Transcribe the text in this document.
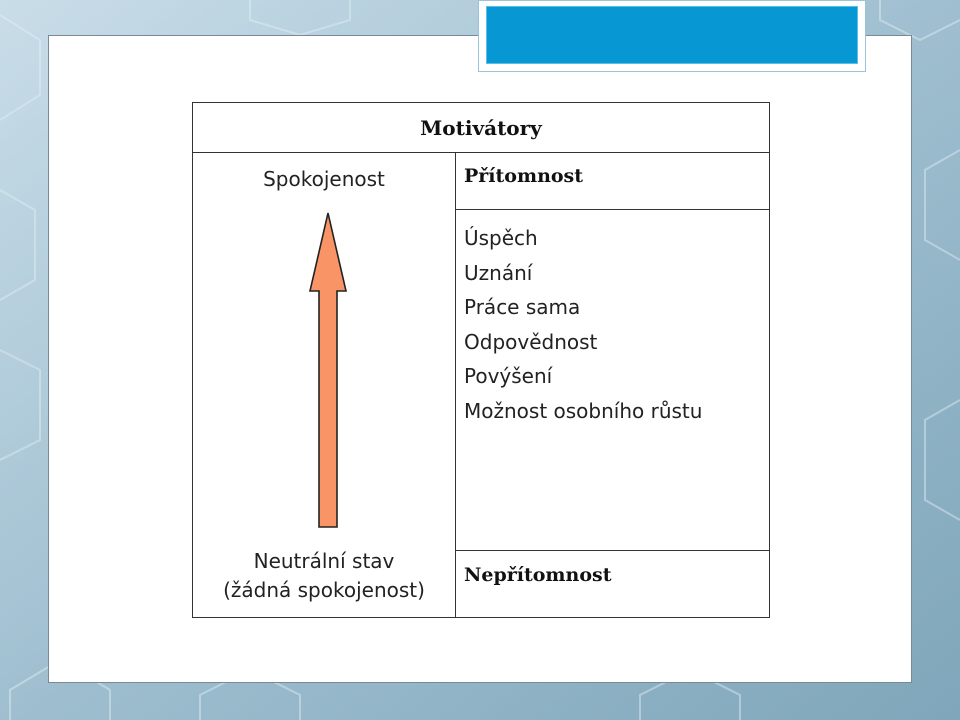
Motivátory
Spokojenost
Neutrální stav
(žádná spokojenost)
Přítomnost
Úspěch
Uznání
Práce sama
Odpovědnost
Povýšení
Možnost osobního růstu
Nepřítomnost
